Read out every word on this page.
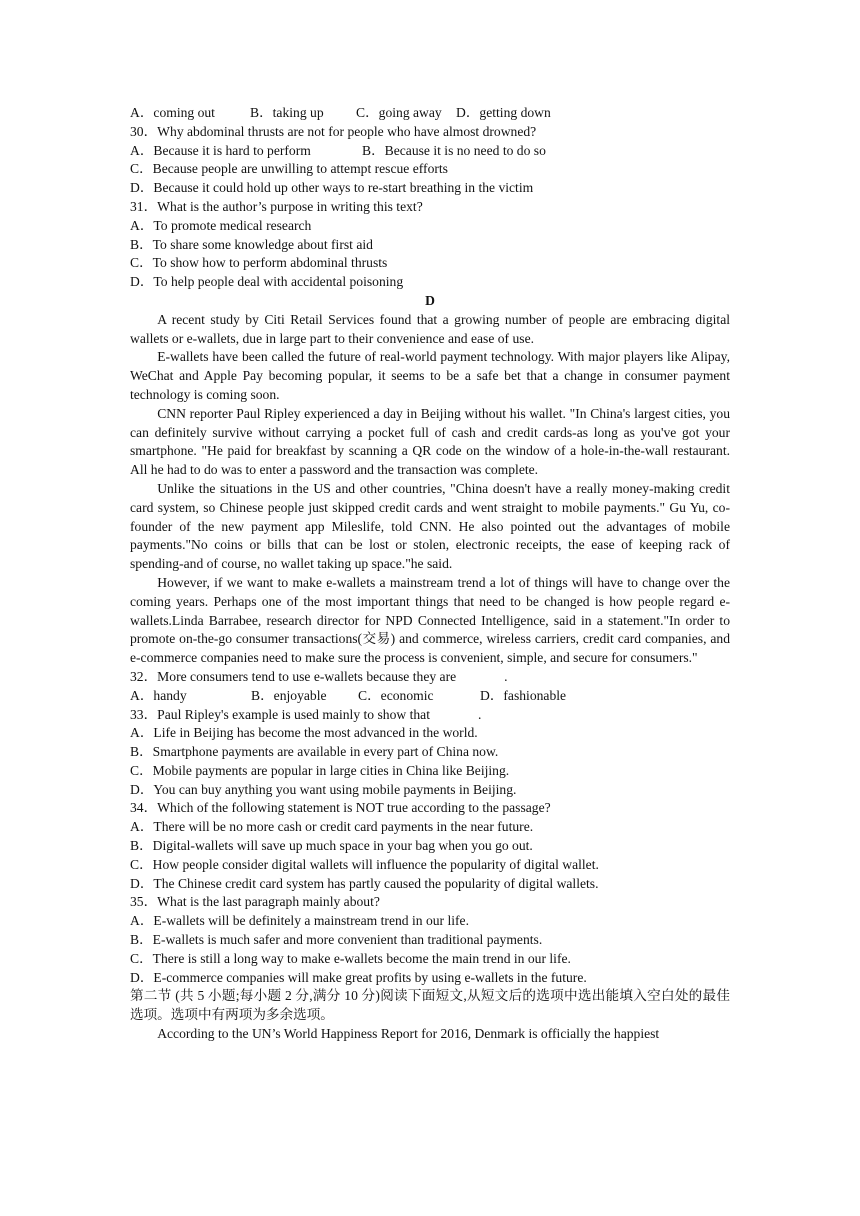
A．coming out	B．taking up C．going away D．getting down
30．Why abdominal thrusts are not for people who have almost drowned?
A．Because it is hard to perform	B．Because it is no need to do so
C．Because people are unwilling to attempt rescue efforts
D．Because it could hold up other ways to re-start breathing in the victim
31．What is the author’s purpose in writing this text?
A．To promote medical research
B．To share some knowledge about first aid
C．To show how to perform abdominal thrusts
D．To help people deal with accidental poisoning
D
A recent study by Citi Retail Services found that a growing number of people are embracing digital wallets or e-wallets, due in large part to their convenience and ease of use.
E-wallets have been called the future of real-world payment technology. With major players like Alipay, WeChat and Apple Pay becoming popular, it seems to be a safe bet that a change in consumer payment technology is coming soon.
CNN reporter Paul Ripley experienced a day in Beijing without his wallet. "In China's largest cities, you can definitely survive without carrying a pocket full of cash and credit cards-as long as you've got your smartphone. "He paid for breakfast by scanning a QR code on the window of a hole-in-the-wall restaurant. All he had to do was to enter a password and the transaction was complete.
Unlike the situations in the US and other countries, "China doesn't have a really money-making credit card system, so Chinese people just skipped credit cards and went straight to mobile payments." Gu Yu, co-founder of the new payment app Mileslife, told CNN. He also pointed out the advantages of mobile payments."No coins or bills that can be lost or stolen, electronic receipts, the ease of keeping rack of spending-and of course, no wallet taking up space."he said.
However, if we want to make e-wallets a mainstream trend a lot of things will have to change over the coming years. Perhaps one of the most important things that need to be changed is how people regard e-wallets.Linda Barrabee, research director for NPD Connected Intelligence, said in a statement."In order to promote on-the-go consumer transactions(交易) and commerce, wireless carriers, credit card companies, and e-commerce companies need to make sure the process is convenient, simple, and secure for consumers."
32．More consumers tend to use e-wallets because they are	.
A．handy	B．enjoyable C．economic	D．fashionable
33．Paul Ripley's example is used mainly to show that	.
A．Life in Beijing has become the most advanced in the world.
B．Smartphone payments are available in every part of China now.
C．Mobile payments are popular in large cities in China like Beijing.
D．You can buy anything you want using mobile payments in Beijing.
34．Which of the following statement is NOT true according to the passage?
A．There will be no more cash or credit card payments in the near future.
B．Digital-wallets will save up much space in your bag when you go out.
C．How people consider digital wallets will influence the popularity of digital wallet.
D．The Chinese credit card system has partly caused the popularity of digital wallets.
35．What is the last paragraph mainly about?
A．E-wallets will be definitely a mainstream trend in our life.
B．E-wallets is much safer and more convenient than traditional payments.
C．There is still a long way to make e-wallets become the main trend in our life.
D．E-commerce companies will make great profits by using e-wallets in the future.
第二节 (共 5 小题;每小题 2 分,满分 10 分)阅读下面短文,从短文后的选项中选出能填入空白处的最佳选项。选项中有两项为多余选项。
According to the UN’s World Happiness Report for 2016, Denmark is officially the happiest
